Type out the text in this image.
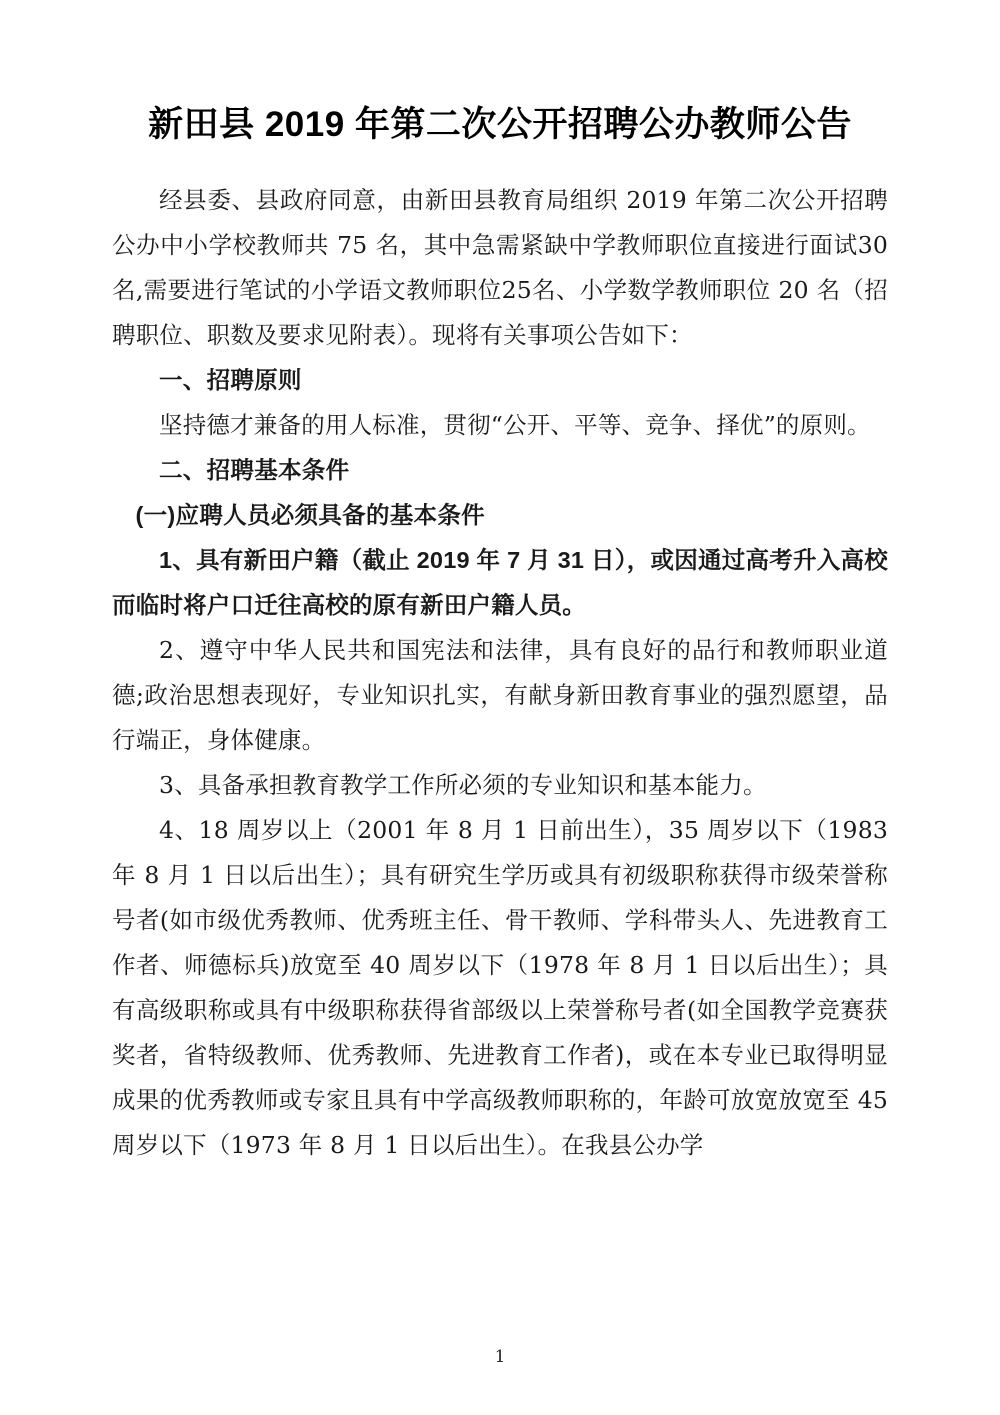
新田县 2019 年第二次公开招聘公办教师公告

经县委、县政府同意，由新田县教育局组织 2019 年第二次公开招聘公办中小学校教师共 75 名，其中急需紧缺中学教师职位直接进行面试30名,需要进行笔试的小学语文教师职位25名、小学数学教师职位 20 名（招聘职位、职数及要求见附表）。现将有关事项公告如下：

一、招聘原则

坚持德才兼备的用人标准，贯彻“公开、平等、竞争、择优”的原则。

二、招聘基本条件

(一)应聘人员必须具备的基本条件

1、具有新田户籍（截止 2019 年 7 月 31 日），或因通过高考升入高校而临时将户口迁往高校的原有新田户籍人员。

2、遵守中华人民共和国宪法和法律，具有良好的品行和教师职业道德;政治思想表现好，专业知识扎实，有献身新田教育事业的强烈愿望，品行端正，身体健康。

3、具备承担教育教学工作所必须的专业知识和基本能力。

4、18 周岁以上（2001 年 8 月 1 日前出生），35 周岁以下（1983 年 8 月 1 日以后出生）；具有研究生学历或具有初级职称获得市级荣誉称号者(如市级优秀教师、优秀班主任、骨干教师、学科带头人、先进教育工作者、师德标兵)放宽至 40 周岁以下（1978 年 8 月 1 日以后出生）；具有高级职称或具有中级职称获得省部级以上荣誉称号者(如全国教学竞赛获奖者，省特级教师、优秀教师、先进教育工作者)，或在本专业已取得明显成果的优秀教师或专家且具有中学高级教师职称的，年龄可放宽放宽至 45 周岁以下（1973 年 8 月 1 日以后出生）。在我县公办学

1
